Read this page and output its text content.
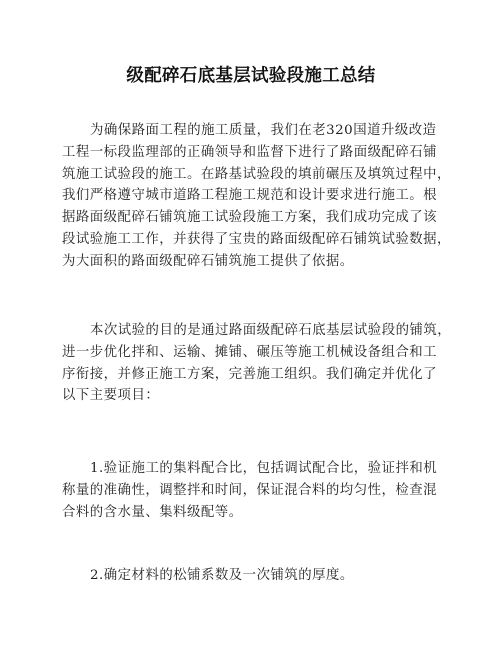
级配碎石底基层试验段施工总结
为确保路面工程的施工质量，我们在老320国道升级改造
工程一标段监理部的正确领导和监督下进行了路面级配碎石铺
筑施工试验段的施工。在路基试验段的填前碾压及填筑过程中，
我们严格遵守城市道路工程施工规范和设计要求进行施工。根
据路面级配碎石铺筑施工试验段施工方案，我们成功完成了该
段试验施工工作，并获得了宝贵的路面级配碎石铺筑试验数据，
为大面积的路面级配碎石铺筑施工提供了依据。
本次试验的目的是通过路面级配碎石底基层试验段的铺筑，
进一步优化拌和、运输、摊铺、碾压等施工机械设备组合和工
序衔接，并修正施工方案，完善施工组织。我们确定并优化了
以下主要项目：
1.验证施工的集料配合比，包括调试配合比，验证拌和机
称量的准确性，调整拌和时间，保证混合料的均匀性，检查混
合料的含水量、集料级配等。
2.确定材料的松铺系数及一次铺筑的厚度。
